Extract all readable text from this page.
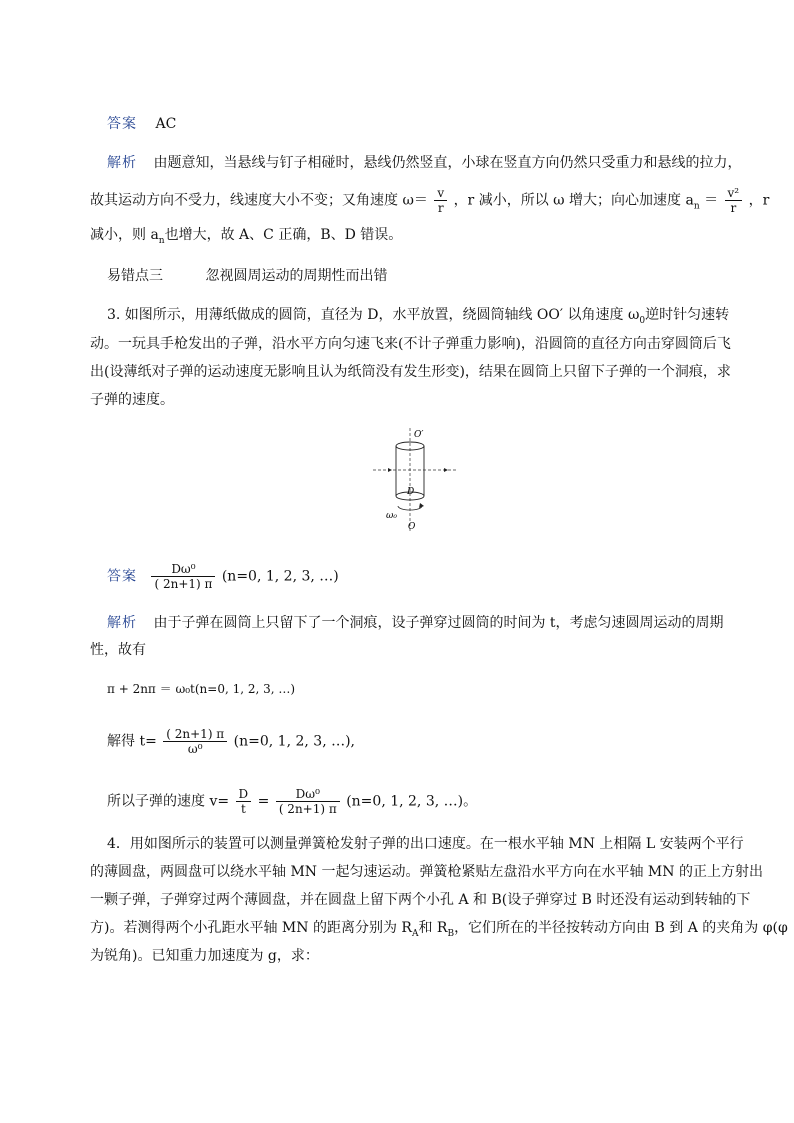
答案 AC
解析 由题意知，当悬线与钉子相碰时，悬线仍然竖直，小球在竖直方向仍然只受重力和悬线的拉力，
故其运动方向不受力，线速度大小不变；又角速度 $\omega= \frac{v}{r}$ ，r 减小，所以 ω 增大；向心加速度 $a_n = \frac{\text{v²}}{r}$ ，r
减小，则 $a_n$也增大，故 A、C 正确，B、D 错误。
易错点三	忽视圆周运动的周期性而出错
3. 如图所示，用薄纸做成的圆筒，直径为 D，水平放置，绕圆筒轴线 OO′ 以角速度 $\omega_0$逆时针匀速转
动。一玩具手枪发出的子弹，沿水平方向匀速飞来(不计子弹重力影响)，沿圆筒的直径方向击穿圆筒后飞
出(设薄纸对子弹的运动速度无影响且认为纸筒没有发生形变)，结果在圆筒上只留下子弹的一个洞痕，求
子弹的速度。
O′
D
ω₀
O
答案 $\frac{\text{Dω⁰}}{( 2n+1) \pi} (n=0$, 1, 2, 3, …)
解析 由于子弹在圆筒上只留下了一个洞痕，设子弹穿过圆筒的时间为 t，考虑匀速圆周运动的周期
性，故有
π + 2nπ ＝ ω₀t(n=0, 1, 2, 3, …)
解得 $t= \frac{( 2n+1) \pi}{\text{ω⁰}} (n=0$, 1, 2, 3, …),
所以子弹的速度 $v= \frac{D}{t} = \frac{\text{Dω⁰}}{( 2n+1) \pi} (n=0$, 1, 2, 3, …)。
4．用如图所示的装置可以测量弹簧枪发射子弹的出口速度。在一根水平轴 MN 上相隔 L 安装两个平行
的薄圆盘，两圆盘可以绕水平轴 MN 一起匀速运动。弹簧枪紧贴左盘沿水平方向在水平轴 MN 的正上方射出
一颗子弹，子弹穿过两个薄圆盘，并在圆盘上留下两个小孔 A 和 B(设子弹穿过 B 时还没有运动到转轴的下
方)。若测得两个小孔距水平轴 MN 的距离分别为 $R_A$和 $R_B$，它们所在的半径按转动方向由 B 到 A 的夹角为 φ(φ
为锐角)。已知重力加速度为 g，求：
